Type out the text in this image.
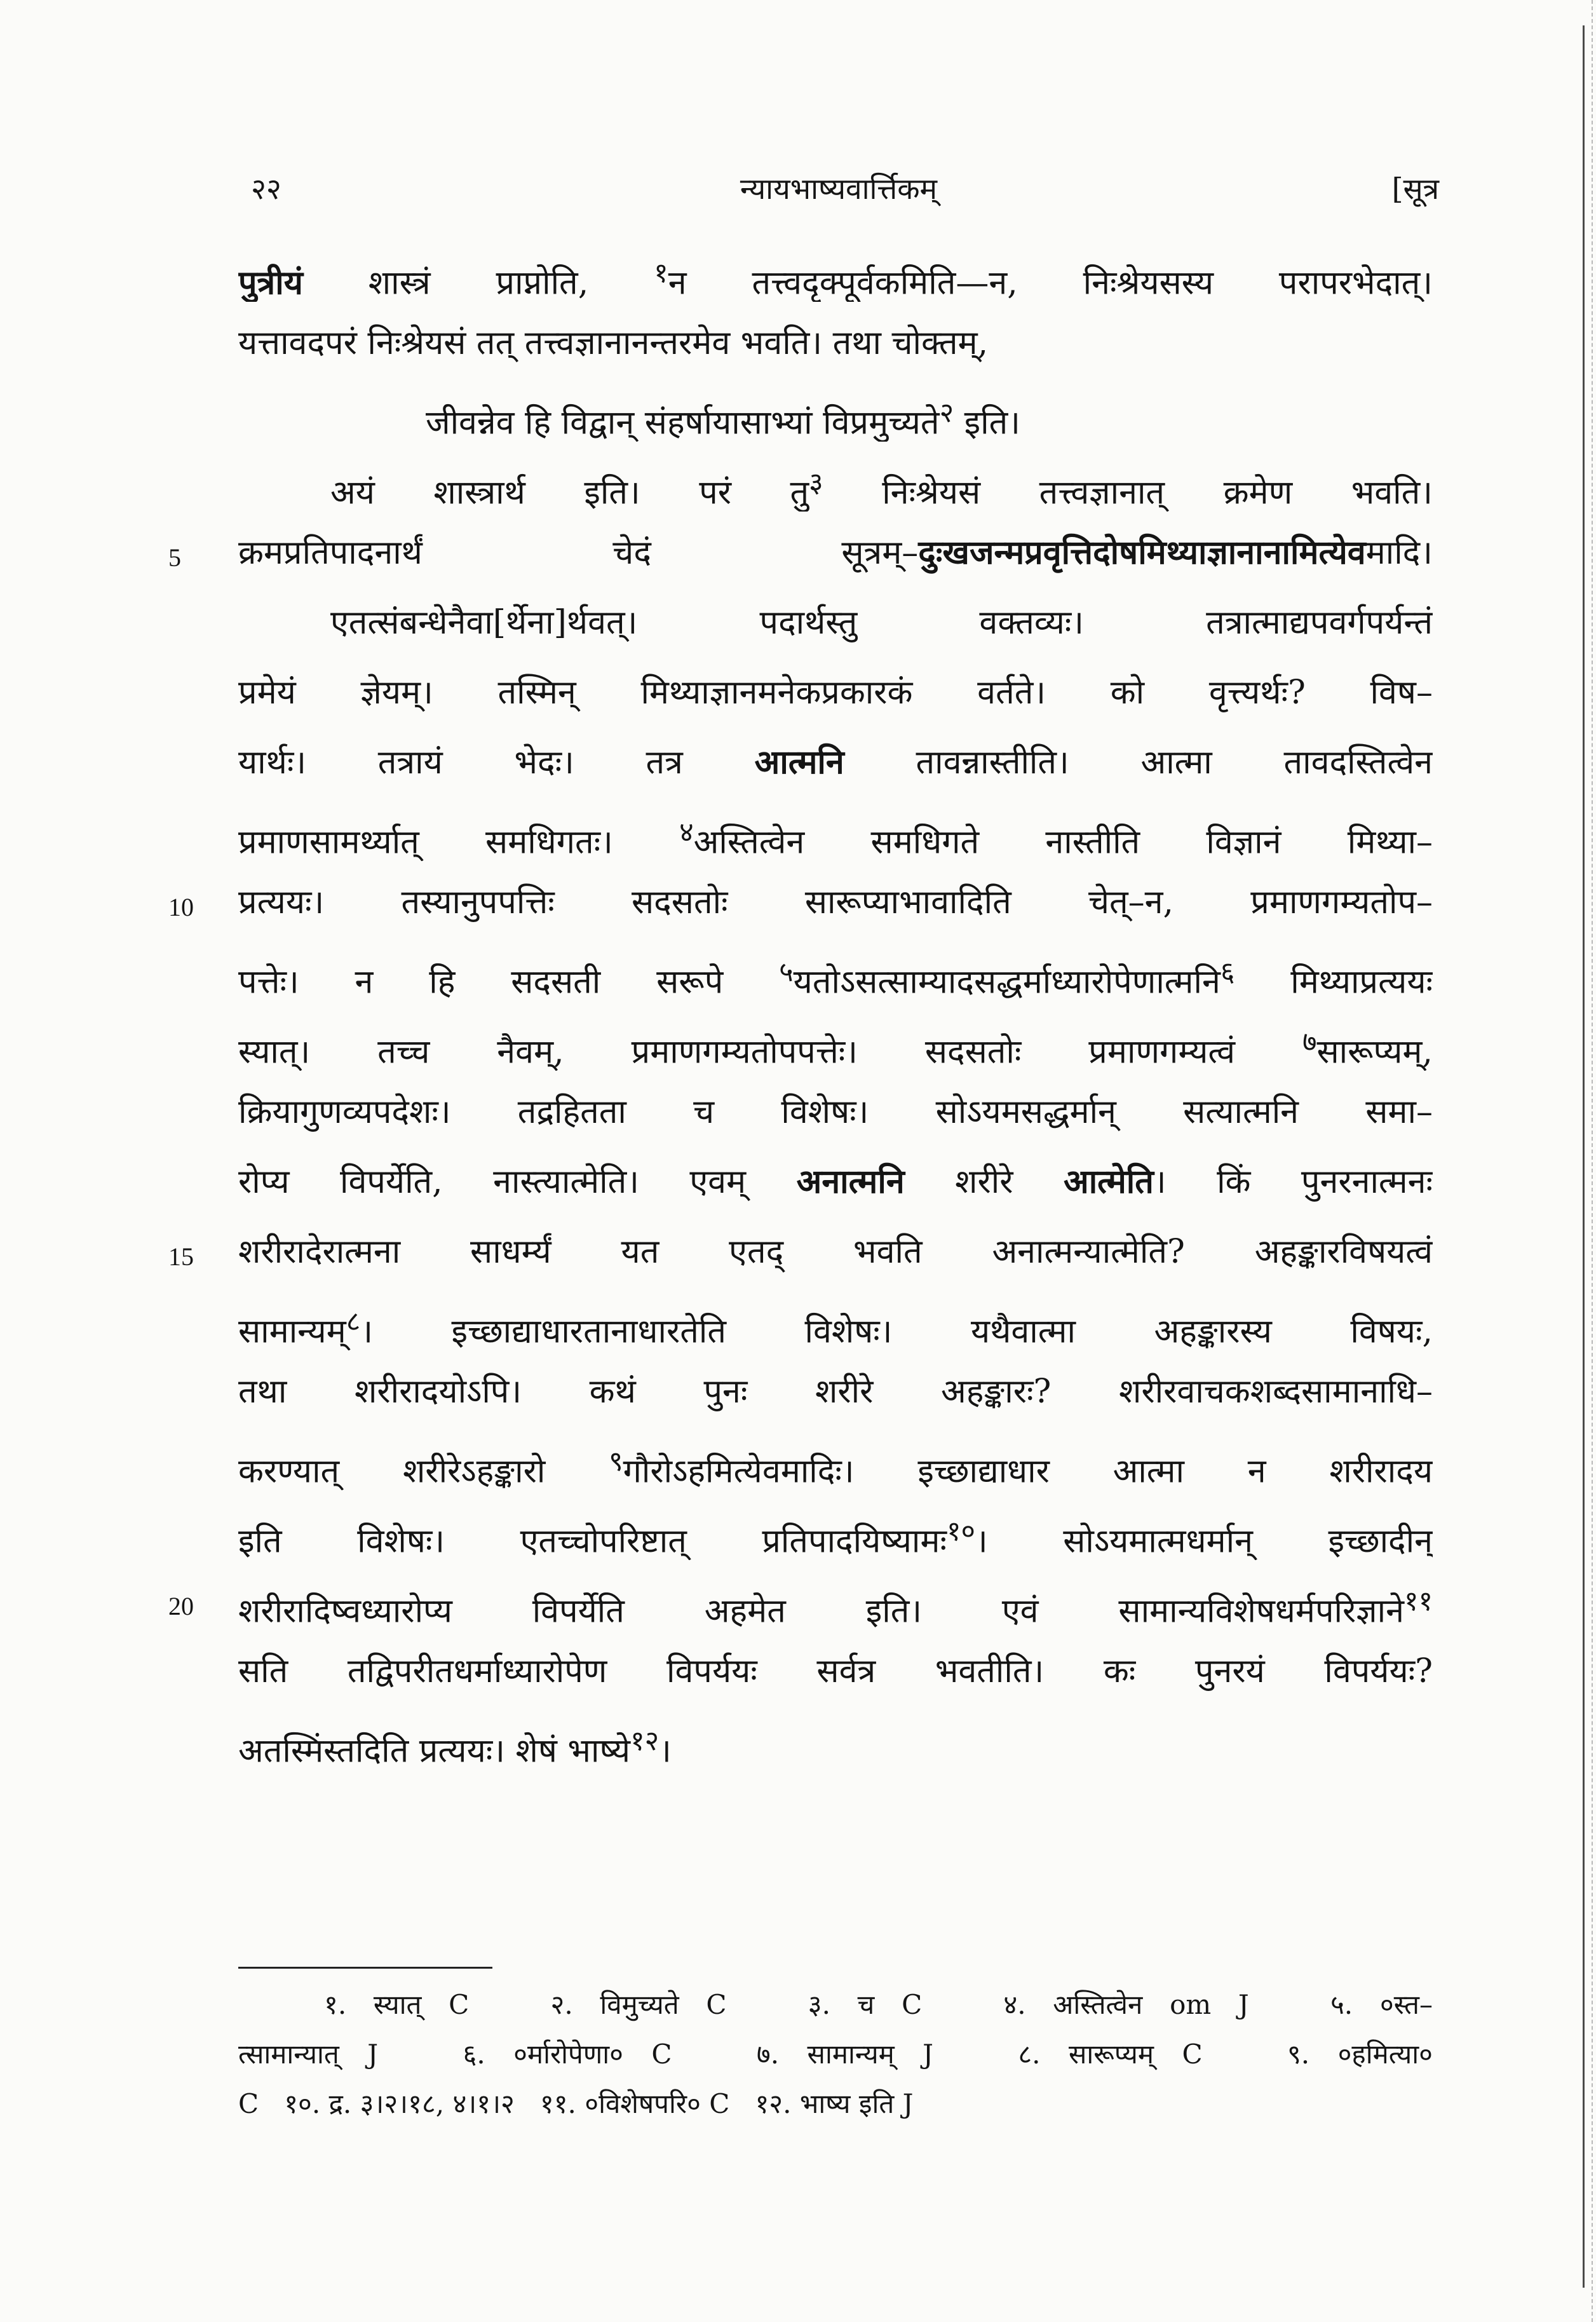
२२	न्यायभाष्यवार्त्तिकम्	[सूत्र
पुत्रीयं शास्त्रं प्राप्नोति, $^१$न तत्त्वदृक्पूर्वकमिति—न, निःश्रेयसस्य परापरभेदात्।
यत्तावदपरं निःश्रेयसं तत् तत्त्वज्ञानानन्तरमेव भवति। तथा चोक्तम्,
जीवन्नेव हि विद्वान् संहर्षायासाभ्यां विप्रमुच्यते$^२$ इति।
अयं शास्त्रार्थ इति। परं तु$^३$ निःश्रेयसं तत्त्वज्ञानात् क्रमेण भवति।
क्रमप्रतिपादनार्थं चेदं सूत्रम्–दुःखजन्मप्रवृत्तिदोषमिथ्याज्ञानानामित्येवमादि।
5
एतत्संबन्धेनैवा[र्थेना]र्थवत्। पदार्थस्तु वक्तव्यः। तत्रात्माद्यपवर्गपर्यन्तं
प्रमेयं ज्ञेयम्। तस्मिन् मिथ्याज्ञानमनेकप्रकारकं वर्तते। को वृत्त्यर्थः? विष–
यार्थः। तत्रायं भेदः। तत्र आत्मनि तावन्नास्तीति। आत्मा तावदस्तित्वेन
प्रमाणसामर्थ्यात् समधिगतः। $^४$अस्तित्वेन समधिगते नास्तीति विज्ञानं मिथ्या–
प्रत्ययः। तस्यानुपपत्तिः सदसतोः सारूप्याभावादिति चेत्–न, प्रमाणगम्यतोप–
10
पत्तेः। न हि सदसती सरूपे $^५$यतोऽसत्साम्यादसद्धर्माध्यारोपेणात्मनि$^६$ मिथ्याप्रत्ययः
स्यात्। तच्च नैवम्, प्रमाणगम्यतोपपत्तेः। सदसतोः प्रमाणगम्यत्वं $^७$सारूप्यम्,
क्रियागुणव्यपदेशः। तद्रहितता च विशेषः। सोऽयमसद्धर्मान् सत्यात्मनि समा–
रोप्य विपर्येति, नास्त्यात्मेति। एवम् अनात्मनि शरीरे आत्मेति। किं पुनरनात्मनः
शरीरादेरात्मना साधर्म्यं यत एतद् भवति अनात्मन्यात्मेति? अहङ्कारविषयत्वं
15
सामान्यम्$^८$। इच्छाद्याधारतानाधारतेति विशेषः। यथैवात्मा अहङ्कारस्य विषयः,
तथा शरीरादयोऽपि। कथं पुनः शरीरे अहङ्कारः? शरीरवाचकशब्दसामानाधि–
करण्यात् शरीरेऽहङ्कारो $^९$गौरोऽहमित्येवमादिः। इच्छाद्याधार आत्मा न शरीरादय
इति विशेषः। एतच्चोपरिष्टात् प्रतिपादयिष्यामः$^{१०}$। सोऽयमात्मधर्मान् इच्छादीन्
शरीरादिष्वध्यारोप्य विपर्येति अहमेत इति। एवं सामान्यविशेषधर्मपरिज्ञाने$^{११}$
20
सति तद्विपरीतधर्माध्यारोपेण विपर्ययः सर्वत्र भवतीति। कः पुनरयं विपर्ययः?
अतस्मिंस्तदिति प्रत्ययः। शेषं भाष्ये$^{१२}$।
१. स्यात् C   २. विमुच्यते C   ३. च C   ४. अस्तित्वेन om J   ५. ०स्त–
त्सामान्यात् J   ६. ०र्मारोपेणा० C   ७. सामान्यम् J   ८. सारूप्यम् C   ९. ०हमित्या०
C   १०. द्र. ३।२।१८, ४।१।२   ११. ०विशेषपरि० C   १२. भाष्य इति J
